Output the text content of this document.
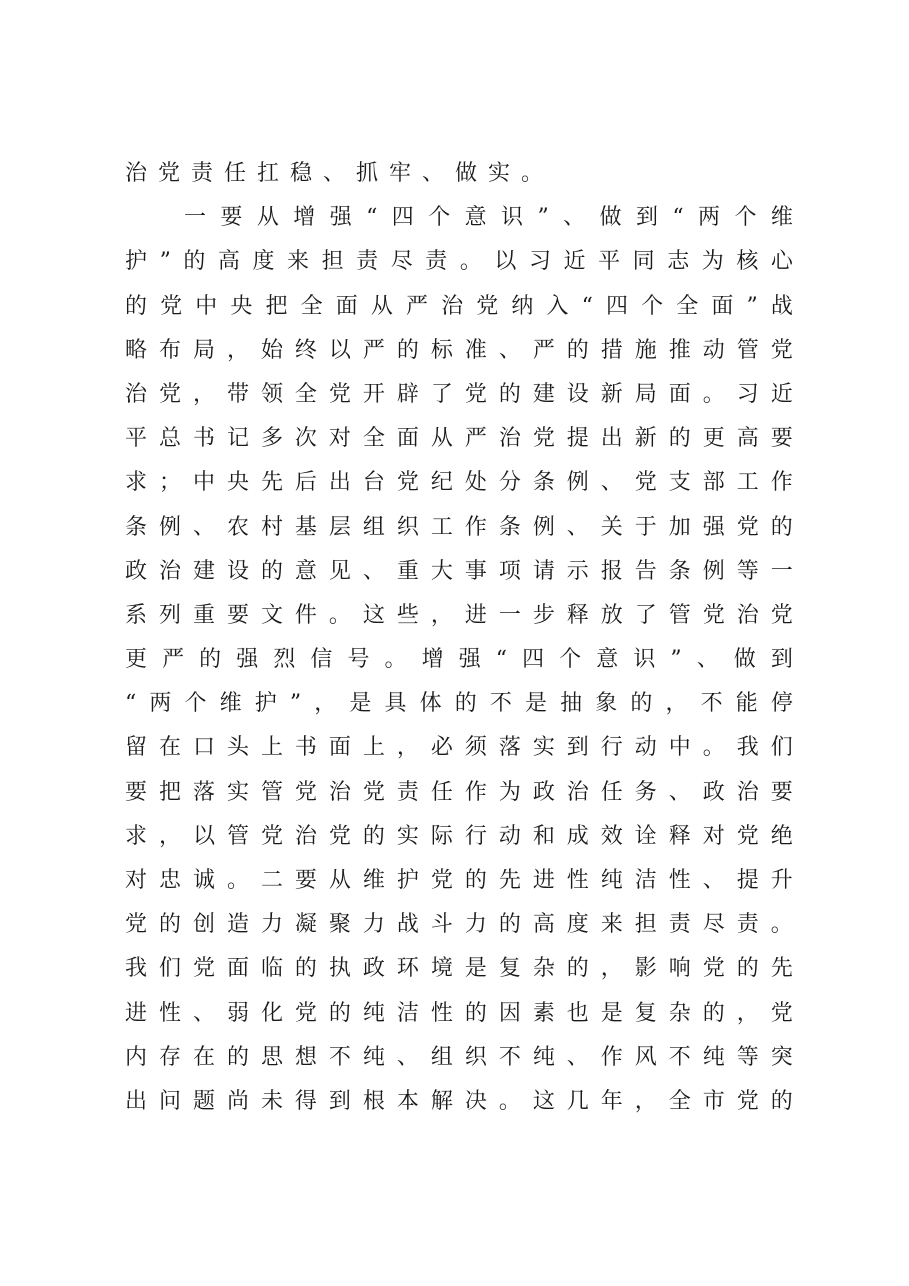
治党责任扛稳、抓牢、做实。
一 要 从 增 强 “ 四 个 意 识 ” 、 做 到 “ 两 个 维
护 ” 的 高 度 来 担 责 尽 责 。 以 习 近 平 同 志 为 核 心
的 党 中 央 把 全 面 从 严 治 党 纳 入 “ 四 个 全 面 ” 战
略 布 局 ， 始 终 以 严 的 标 准 、 严 的 措 施 推 动 管 党
治 党 ， 带 领 全 党 开 辟 了 党 的 建 设 新 局 面 。 习 近
平 总 书 记 多 次 对 全 面 从 严 治 党 提 出 新 的 更 高 要
求 ； 中 央 先 后 出 台 党 纪 处 分 条 例 、 党 支 部 工 作
条 例 、 农 村 基 层 组 织 工 作 条 例 、 关 于 加 强 党 的
政 治 建 设 的 意 见 、 重 大 事 项 请 示 报 告 条 例 等 一
系 列 重 要 文 件 。 这 些 ， 进 一 步 释 放 了 管 党 治 党
更 严 的 强 烈 信 号 。 增 强 “ 四 个 意 识 ” 、 做 到
“ 两 个 维 护 ” ， 是 具 体 的 不 是 抽 象 的 ， 不 能 停
留 在 口 头 上 书 面 上 ， 必 须 落 实 到 行 动 中 。 我 们
要 把 落 实 管 党 治 党 责 任 作 为 政 治 任 务 、 政 治 要
求 ， 以 管 党 治 党 的 实 际 行 动 和 成 效 诠 释 对 党 绝
对 忠 诚 。 二 要 从 维 护 党 的 先 进 性 纯 洁 性 、 提 升
党 的 创 造 力 凝 聚 力 战 斗 力 的 高 度 来 担 责 尽 责 。
我 们 党 面 临 的 执 政 环 境 是 复 杂 的 ， 影 响 党 的 先
进 性 、 弱 化 党 的 纯 洁 性 的 因 素 也 是 复 杂 的 ， 党
内 存 在 的 思 想 不 纯 、 组 织 不 纯 、 作 风 不 纯 等 突
出 问 题 尚 未 得 到 根 本 解 决 。 这 几 年 ， 全 市 党 的
